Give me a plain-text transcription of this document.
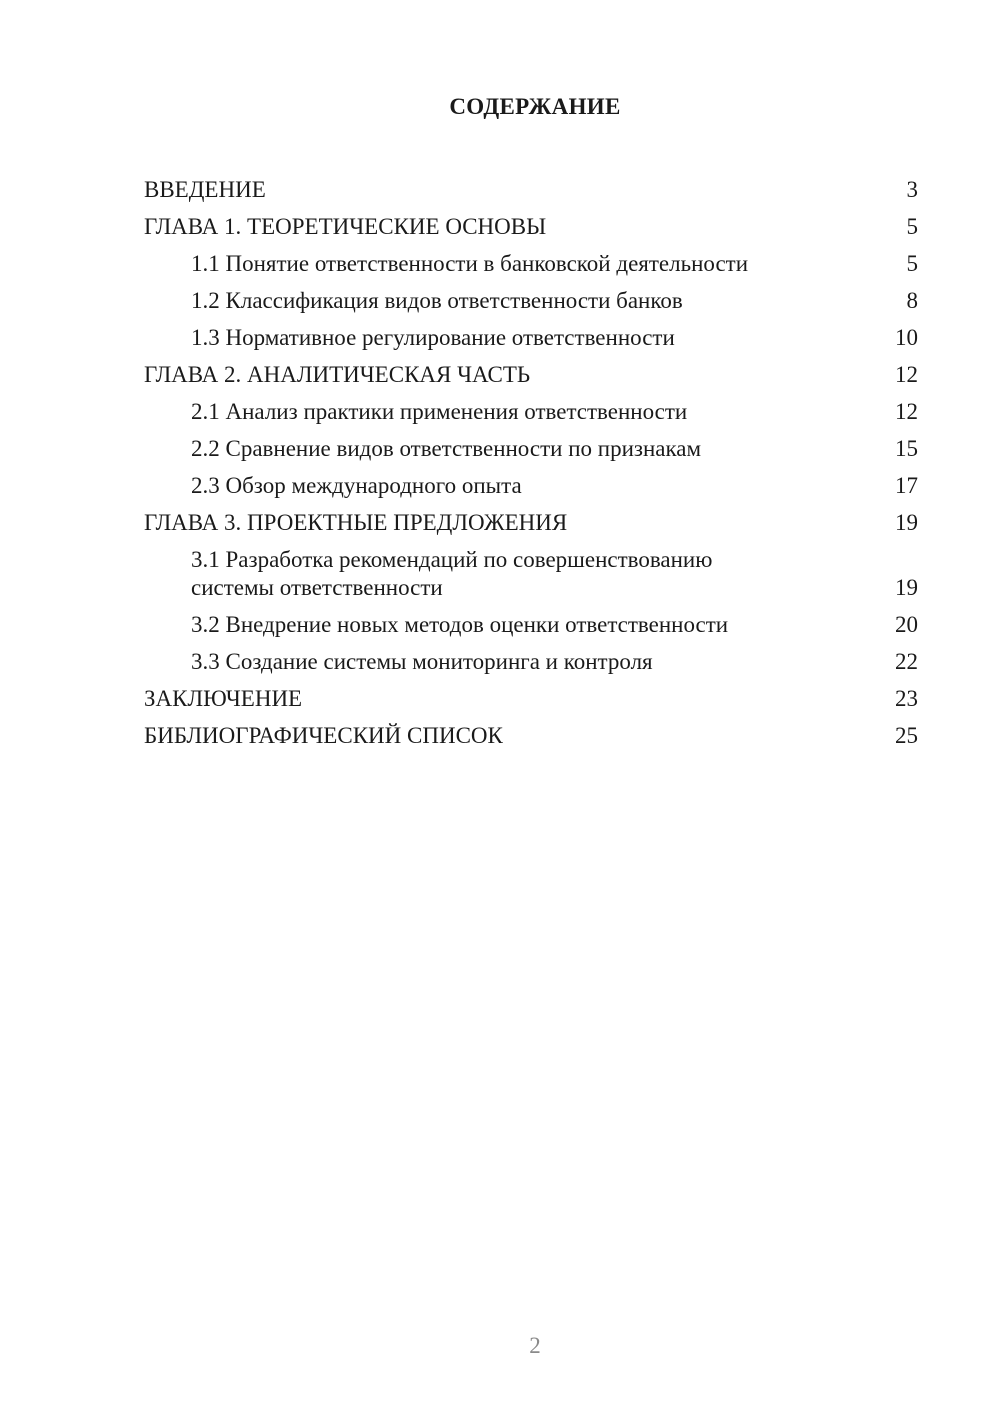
СОДЕРЖАНИЕ
ВВЕДЕНИЕ	3
ГЛАВА 1. ТЕОРЕТИЧЕСКИЕ ОСНОВЫ	5
1.1 Понятие ответственности в банковской деятельности	5
1.2 Классификация видов ответственности банков	8
1.3 Нормативное регулирование ответственности	10
ГЛАВА 2. АНАЛИТИЧЕСКАЯ ЧАСТЬ	12
2.1 Анализ практики применения ответственности	12
2.2 Сравнение видов ответственности по признакам	15
2.3 Обзор международного опыта	17
ГЛАВА 3. ПРОЕКТНЫЕ ПРЕДЛОЖЕНИЯ	19
3.1 Разработка рекомендаций по совершенствованию
системы ответственности	19
3.2 Внедрение новых методов оценки ответственности	20
3.3 Создание системы мониторинга и контроля	22
ЗАКЛЮЧЕНИЕ	23
БИБЛИОГРАФИЧЕСКИЙ СПИСОК	25
2
